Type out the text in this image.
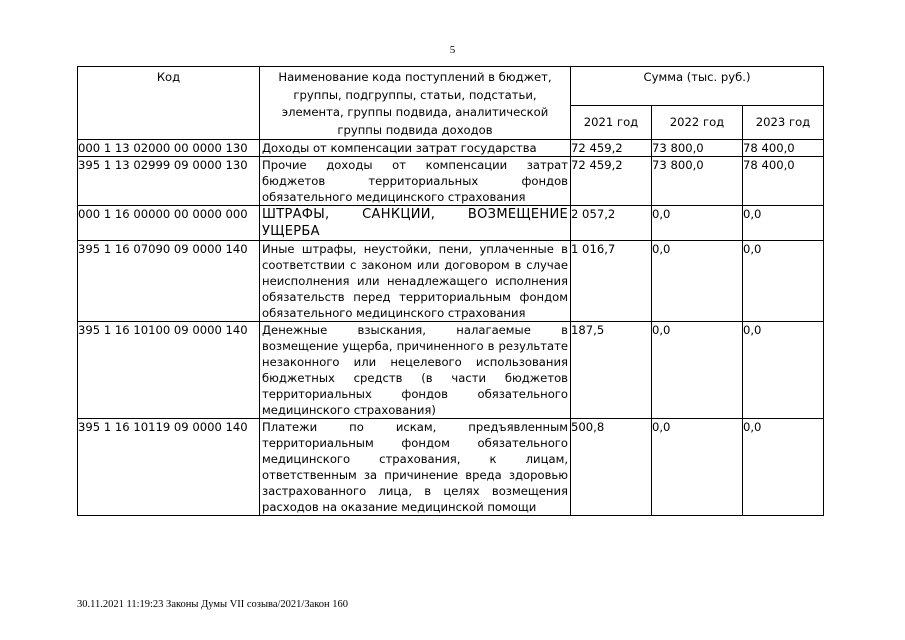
5
Код	Наименование кода поступлений в бюджет, группы, подгруппы, статьи, подстатьи, элемента, группы подвида, аналитической группы подвида доходов	Сумма (тыс. руб.)		
		2021 год	2022 год	2023 год
000 1 13 02000 00 0000 130	Доходы от компенсации затрат государства	72 459,2	73 800,0	78 400,0
395 1 13 02999 09 0000 130	Прочие доходы от компенсации затрат бюджетов территориальных фондов обязательного медицинского страхования	72 459,2	73 800,0	78 400,0
000 1 16 00000 00 0000 000	ШТРАФЫ, САНКЦИИ, ВОЗМЕЩЕНИЕ УЩЕРБА	2 057,2	0,0	0,0
395 1 16 07090 09 0000 140	Иные штрафы, неустойки, пени, уплаченные в соответствии с законом или договором в случае неисполнения или ненадлежащего исполнения обязательств перед территориальным фондом обязательного медицинского страхования	1 016,7	0,0	0,0
395 1 16 10100 09 0000 140	Денежные взыскания, налагаемые в возмещение ущерба, причиненного в результате незаконного или нецелевого использования бюджетных средств (в части бюджетов территориальных фондов обязательного медицинского страхования)	187,5	0,0	0,0
395 1 16 10119 09 0000 140	Платежи по искам, предъявленным территориальным фондом обязательного медицинского страхования, к лицам, ответственным за причинение вреда здоровью застрахованного лица, в целях возмещения расходов на оказание медицинской помощи	500,8	0,0	0,0
30.11.2021 11:19:23 Законы Думы VII созыва/2021/Закон 160
